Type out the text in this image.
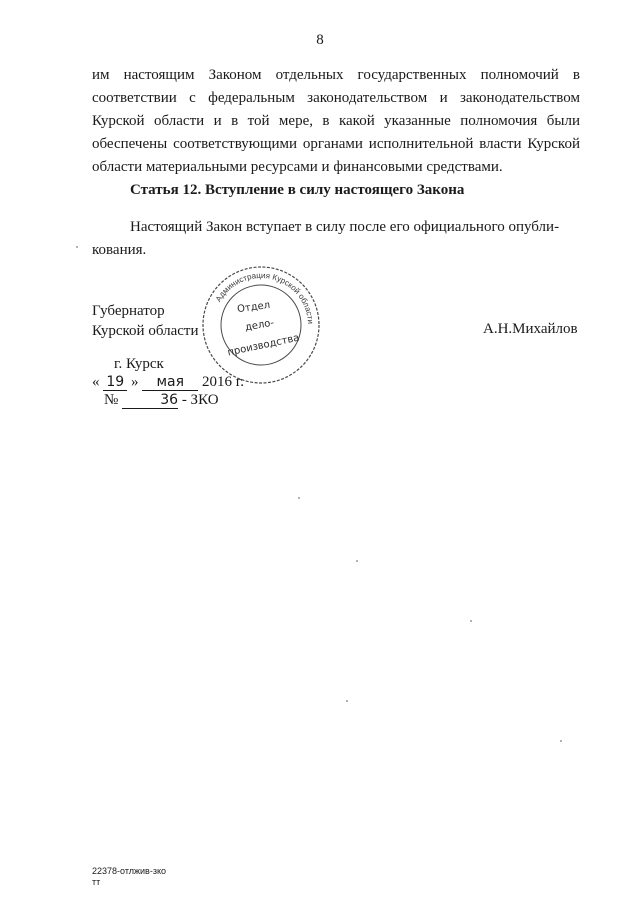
8

им настоящим Законом отдельных государственных полномочий в соответствии с федеральным законодательством и законодательством Курской области и в той мере, в какой указанные полномочия были обеспечены соответствующими органами исполнительной власти Курской области материальными ресурсами и финансовыми средствами.

Статья 12. Вступление в силу настоящего Закона
Настоящий Закон вступает в силу после его официального опубли-
кования.
Губернатор
Курской области	А.Н.Михайлов
Администрация Курской области
Отдел
дело-
производства
г. Курск
« 19 » мая 2016 г.
№	36 - ЗКО
22378-отлжив-зко
тт
